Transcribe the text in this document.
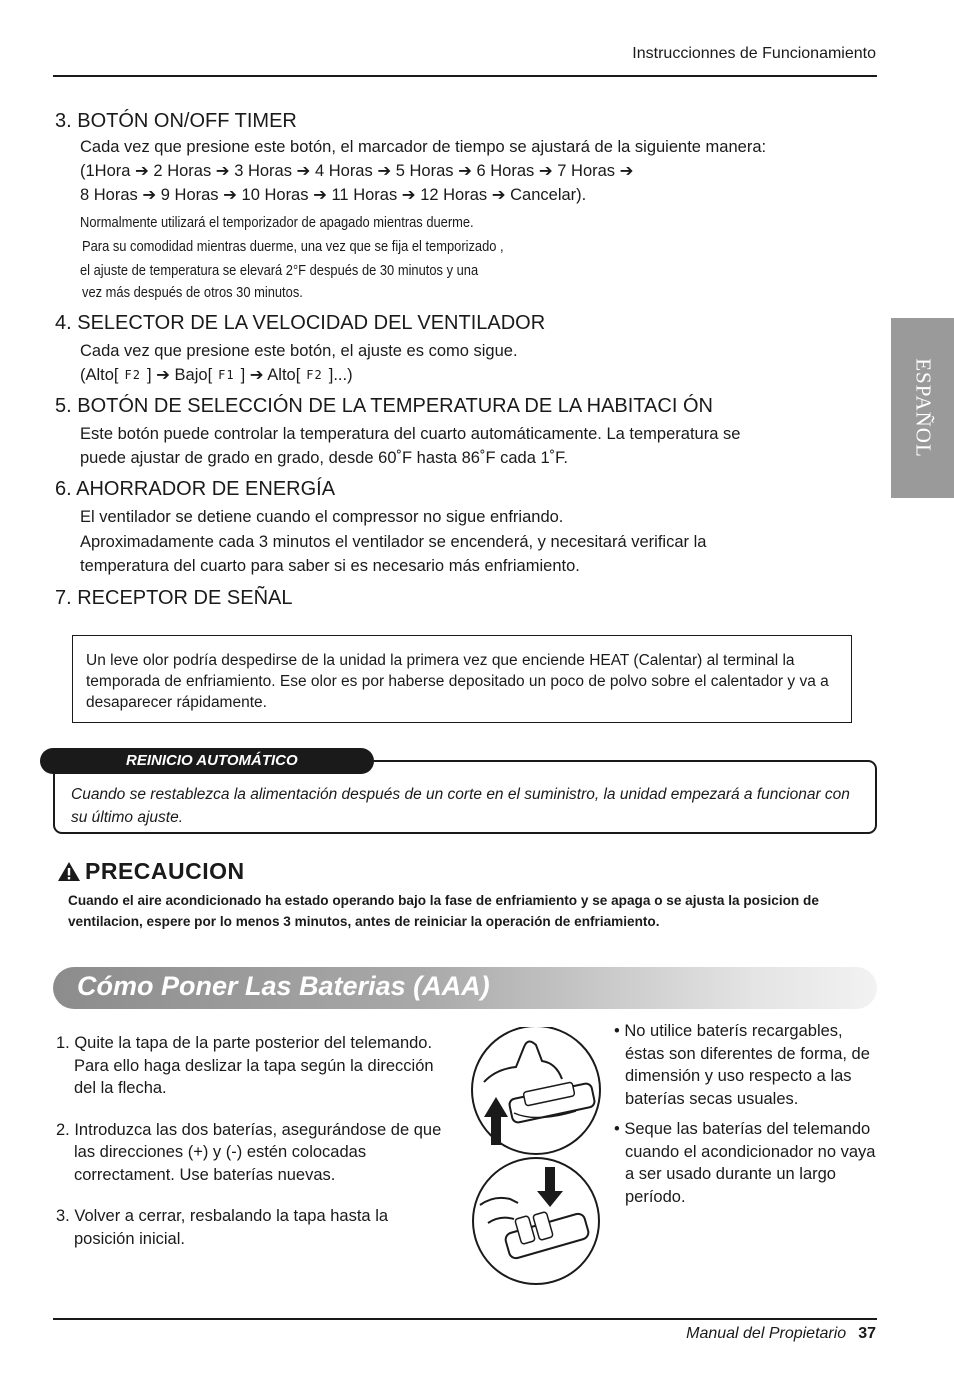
Instruccionnes de Funcionamiento
ESPAÑOL
3. BOTÓN ON/OFF TIMER
Cada vez que presione este botón, el marcador de tiempo se ajustará de la siguiente manera:
(1Hora ➔ 2 Horas ➔ 3 Horas ➔ 4 Horas ➔ 5 Horas ➔ 6 Horas ➔ 7 Horas ➔
8 Horas ➔ 9 Horas ➔ 10 Horas ➔ 11 Horas ➔ 12 Horas ➔ Cancelar).
Normalmente utilizará el temporizador de apagado mientras duerme.
Para su comodidad mientras duerme, una vez que se fija el temporizado ,
el ajuste de temperatura se elevará 2°F después de 30 minutos y una
vez más después de otros 30 minutos.
4. SELECTOR DE LA VELOCIDAD DEL VENTILADOR
Cada vez que presione este botón, el ajuste es como sigue.
(Alto[ F2 ] ➔ Bajo[ F1 ] ➔ Alto[ F2 ]...)
5. BOTÓN DE SELECCIÓN DE LA TEMPERATURA DE LA HABITACI ÓN
Este botón puede controlar la temperatura del cuarto automáticamente. La temperatura se
puede ajustar de grado en grado, desde 60˚F hasta 86˚F cada 1˚F.
6. AHORRADOR DE ENERGÍA
El ventilador se detiene cuando el compressor no sigue enfriando.
Aproximadamente cada 3 minutos el ventilador se encenderá, y necesitará verificar la
temperatura del cuarto para saber si es necesario más enfriamiento.
7. RECEPTOR DE SEÑAL
Un leve olor podría despedirse de la unidad la primera vez que enciende HEAT (Calentar) al terminal la temporada de enfriamiento. Ese olor es por haberse depositado un poco de polvo sobre el calentador y va a desaparecer rápidamente.
Cuando se restablezca la alimentación después de un corte en el suministro, la unidad empezará a funcionar con su último ajuste.
REINICIO AUTOMÁTICO
PRECAUCION
Cuando el aire acondicionado ha estado operando bajo la fase de enfriamiento y se apaga o se ajusta la posicion de ventilacion, espere por lo menos 3 minutos, antes de reiniciar la operación de enfriamiento.
Cómo Poner Las Baterias (AAA)
1. Quite la tapa de la parte posterior del telemando. Para ello haga deslizar la tapa según la dirección del la flecha.
2. Introduzca las dos baterías, asegurándose de que las direcciones (+) y (-) estén colocadas correctament. Use baterías nuevas.
3. Volver a cerrar, resbalando la tapa hasta la posición inicial.
• No utilice baterís recargables, éstas son diferentes de forma, de dimensión y uso respecto a las baterías secas usuales.
• Seque las baterías del telemando cuando el acondicionador no vaya a ser usado durante un largo período.
Manual del Propietario 37
